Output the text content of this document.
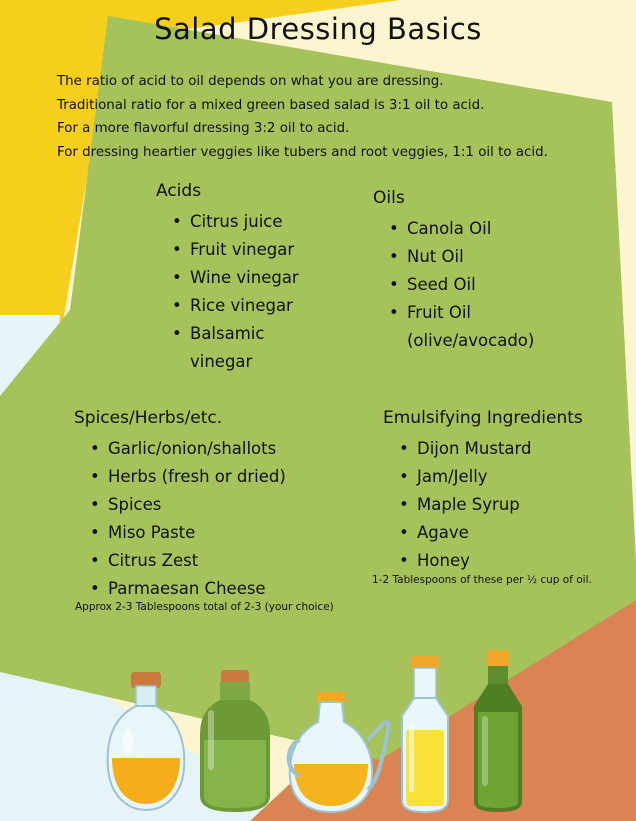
Salad Dressing Basics
The ratio of acid to oil depends on what you are dressing.
Traditional ratio for a mixed green based salad is 3:1 oil to acid.
For a more flavorful dressing 3:2 oil to acid.
For dressing heartier veggies like tubers and root veggies, 1:1 oil to acid.
Acids
• Citrus juice
• Fruit vinegar
• Wine vinegar
• Rice vinegar
• Balsamic vinegar
Oils
• Canola Oil
• Nut Oil
• Seed Oil
• Fruit Oil (olive/avocado)
Spices/Herbs/etc.
• Garlic/onion/shallots
• Herbs (fresh or dried)
• Spices
• Miso Paste
• Citrus Zest
• Parmaesan Cheese
Approx 2-3 Tablespoons total of 2-3 (your choice)
Emulsifying Ingredients
• Dijon Mustard
• Jam/Jelly
• Maple Syrup
• Agave
• Honey
1-2 Tablespoons of these per ½ cup of oil.
